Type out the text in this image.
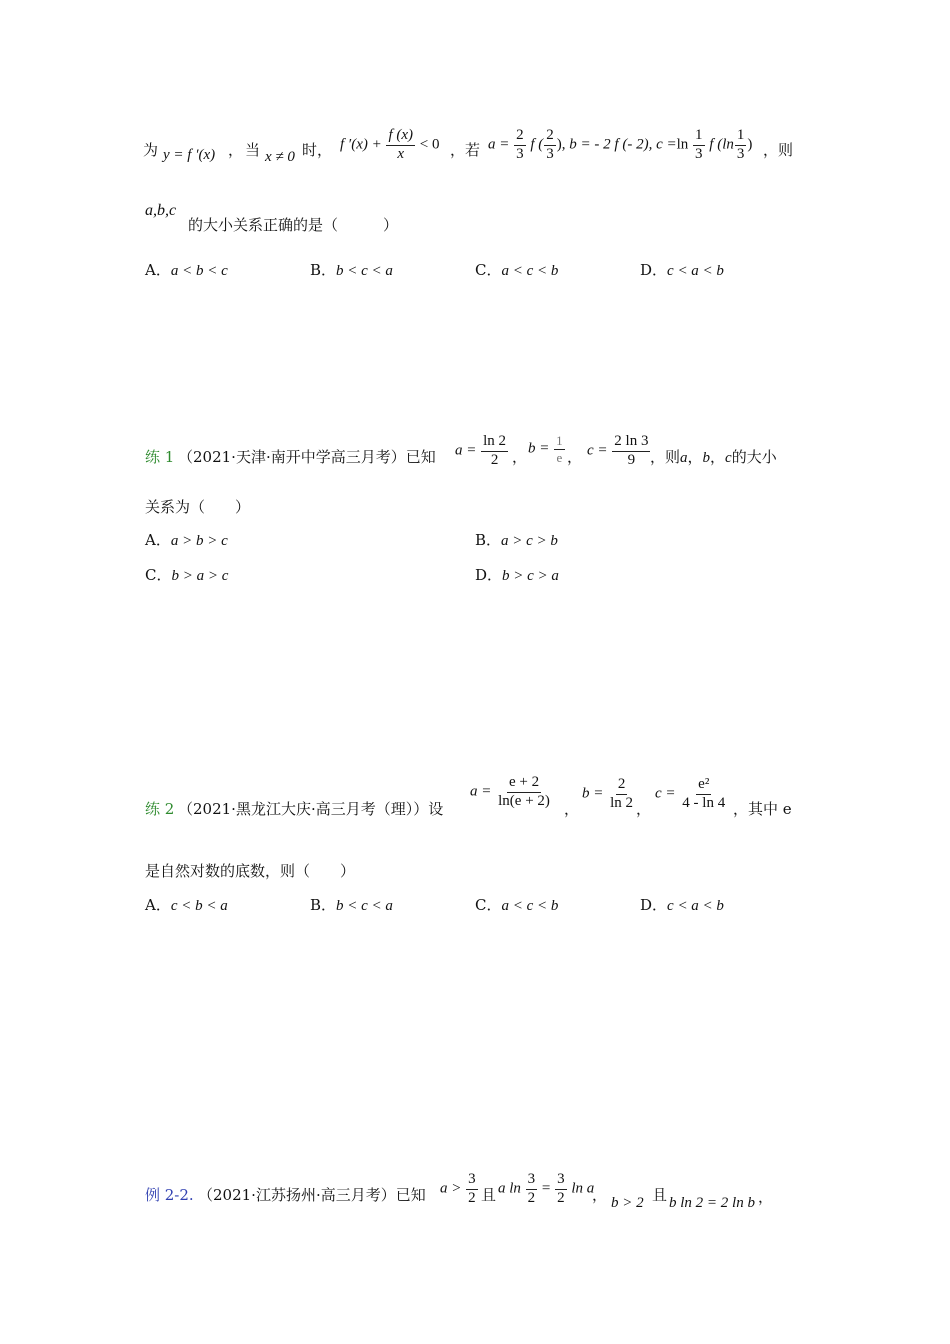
为 y = f ′(x) ， 当 x ≠ 0 时， f $'(x) + \frac{f (x)}{x} < 0$ ，若 $a = \frac{2}{3}$ f ( $\frac{2}{3}$ ), b = - 2 f (- 2), $c =\ln \frac{1}{3}$ f ($\ln \frac{1}{3}$ ) ，则
a,b,c
的大小关系正确的是（　　　）
A．a < b < c	B．b < c < a	C．a < c < b	D．c < a < b
练 1 （2021·天津·南开中学高三月考）已知 $a = \frac{\ln 2}{2}$ ， $b = \frac{1}{e}$ ， $c = \frac{2 \ln 3}{9}$ ，则a，b，c的大小
关系为（　　）
A．a > b > c	B．a > c > b
C．b > a > c	D．b > c > a
练 2 （2021·黑龙江大庆·高三月考（理））设
$a = \frac{e + 2}{\ln(e + 2)}$ ，
$b = \frac{2}{\ln 2}$ ，
$c = \frac{\text{e²}}{4 - \ln 4}$ ，其中 e
是自然对数的底数，则（　　）
A．c < b < a	B．b < c < a	C．a < c < b	D．c < a < b
例 2-2. （2021·江苏扬州·高三月考）已知 $a > \frac{3}{2}$ 且 a $\ln \frac{3}{2} = \frac{3}{2}$ ln a
， b > 2 且 b ln 2 = 2 ln b ，
